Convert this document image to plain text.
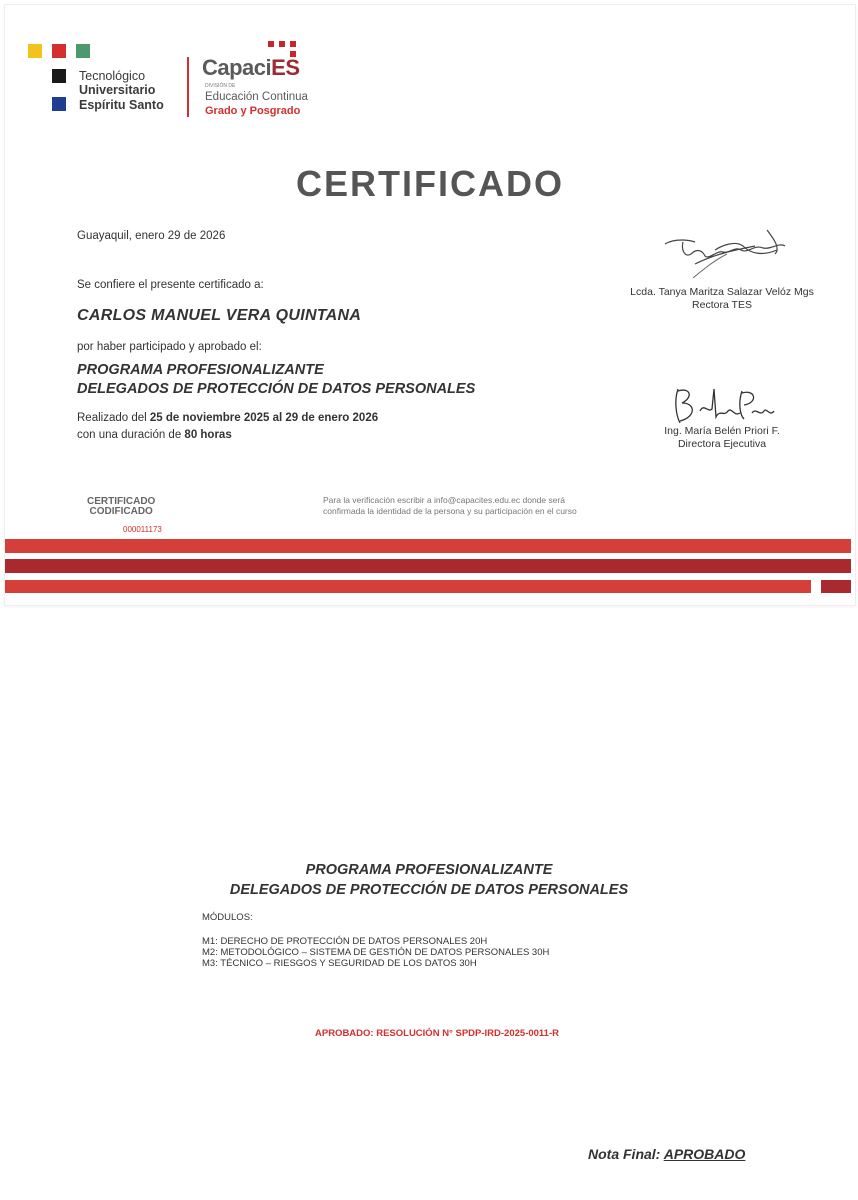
Tecnológico
Universitario
Espíritu Santo
CapaciES
DIVISIÓN DE
Educación Continua
Grado y Posgrado
CERTIFICADO
Guayaquil, enero 29 de 2026
Se confiere el presente certificado a:
CARLOS MANUEL VERA QUINTANA
por haber participado y aprobado el:
PROGRAMA PROFESIONALIZANTE
DELEGADOS DE PROTECCIÓN DE DATOS PERSONALES
Realizado del 25 de noviembre 2025 al 29 de enero 2026
con una duración de 80 horas
Lcda. Tanya Maritza Salazar Velóz Mgs
Rectora TES
Ing. María Belén Priori F.
Directora Ejecutiva
CERTIFICADO
CODIFICADO
000011173
Para la verificación escribir a info@capacites.edu.ec donde será
confirmada la identidad de la persona y su participación en el curso
PROGRAMA PROFESIONALIZANTE
DELEGADOS DE PROTECCIÓN DE DATOS PERSONALES
MÓDULOS:
M1: DERECHO DE PROTECCIÓN DE DATOS PERSONALES 20H
M2: METODOLÓGICO – SISTEMA DE GESTIÓN DE DATOS PERSONALES 30H
M3: TÉCNICO – RIESGOS Y SEGURIDAD DE LOS DATOS 30H
APROBADO: RESOLUCIÓN N° SPDP-IRD-2025-0011-R
Nota Final: APROBADO
